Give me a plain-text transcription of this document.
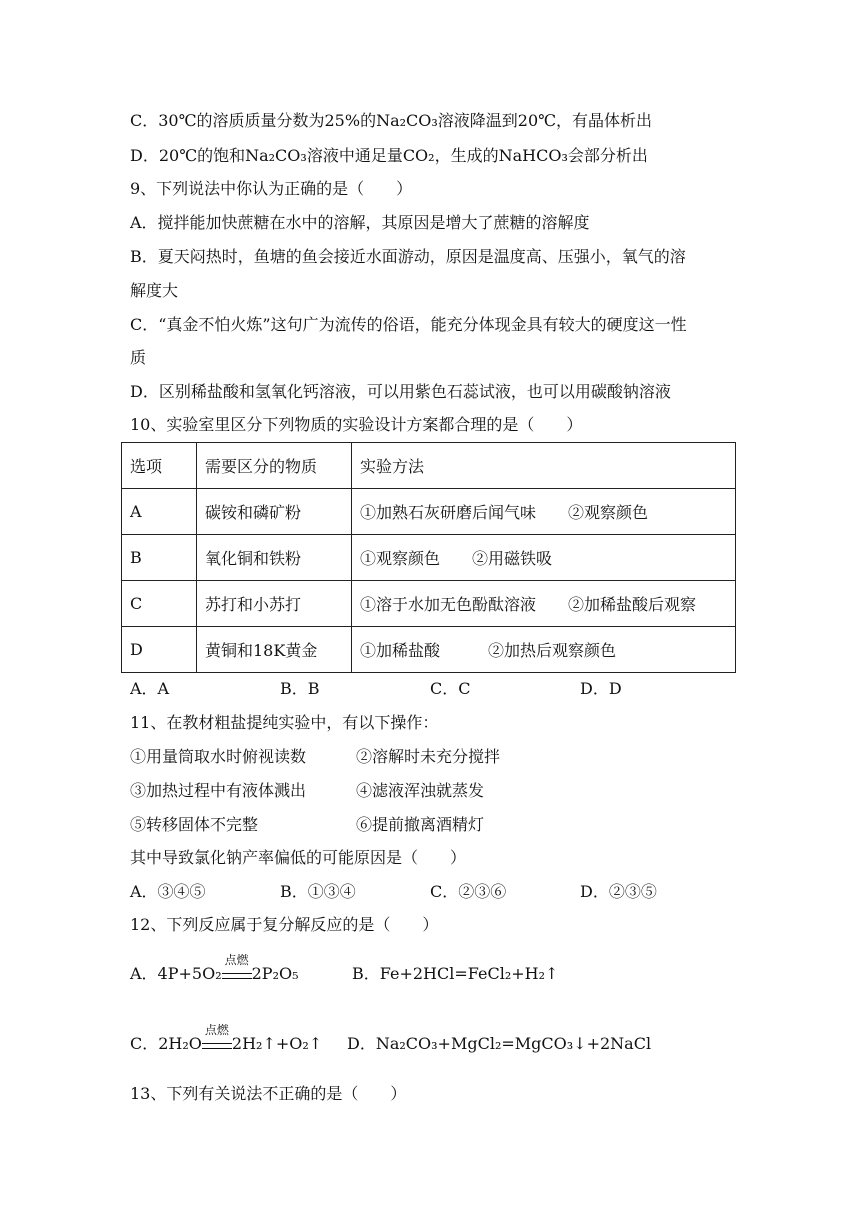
C．30℃的溶质质量分数为25%的Na₂CO₃溶液降温到20℃，有晶体析出
D．20℃的饱和Na₂CO₃溶液中通足量CO₂，生成的NaHCO₃会部分析出
9、下列说法中你认为正确的是（　　）
A．搅拌能加快蔗糖在水中的溶解，其原因是增大了蔗糖的溶解度
B．夏天闷热时，鱼塘的鱼会接近水面游动，原因是温度高、压强小，氧气的溶
解度大
C．“真金不怕火炼”这句广为流传的俗语，能充分体现金具有较大的硬度这一性
质
D．区别稀盐酸和氢氧化钙溶液，可以用紫色石蕊试液，也可以用碳酸钠溶液
10、实验室里区分下列物质的实验设计方案都合理的是（　　）
选项	需要区分的物质	实验方法
A	碳铵和磷矿粉	①加熟石灰研磨后闻气味　　②观察颜色
B	氧化铜和铁粉	①观察颜色　　②用磁铁吸
C	苏打和小苏打	①溶于水加无色酚酞溶液　　②加稀盐酸后观察
D	黄铜和18K黄金	①加稀盐酸　　　②加热后观察颜色
A．A	B．B	C．C	D．D
11、在教材粗盐提纯实验中，有以下操作：
①用量筒取水时俯视读数	②溶解时未充分搅拌
③加热过程中有液体溅出	④滤液浑浊就蒸发
⑤转移固体不完整	⑥提前撤离酒精灯
其中导致氯化钠产率偏低的可能原因是（　　）
A．③④⑤	B．①③④	C．②③⑥	D．②③⑤
12、下列反应属于复分解反应的是（　　）
A．4P+5O₂
点燃
2P₂O₅	B．Fe+2HCl=FeCl₂+H₂↑
C．2H₂O
点燃
2H₂↑+O₂↑ D．Na₂CO₃+MgCl₂=MgCO₃↓+2NaCl
13、下列有关说法不正确的是（　　）
